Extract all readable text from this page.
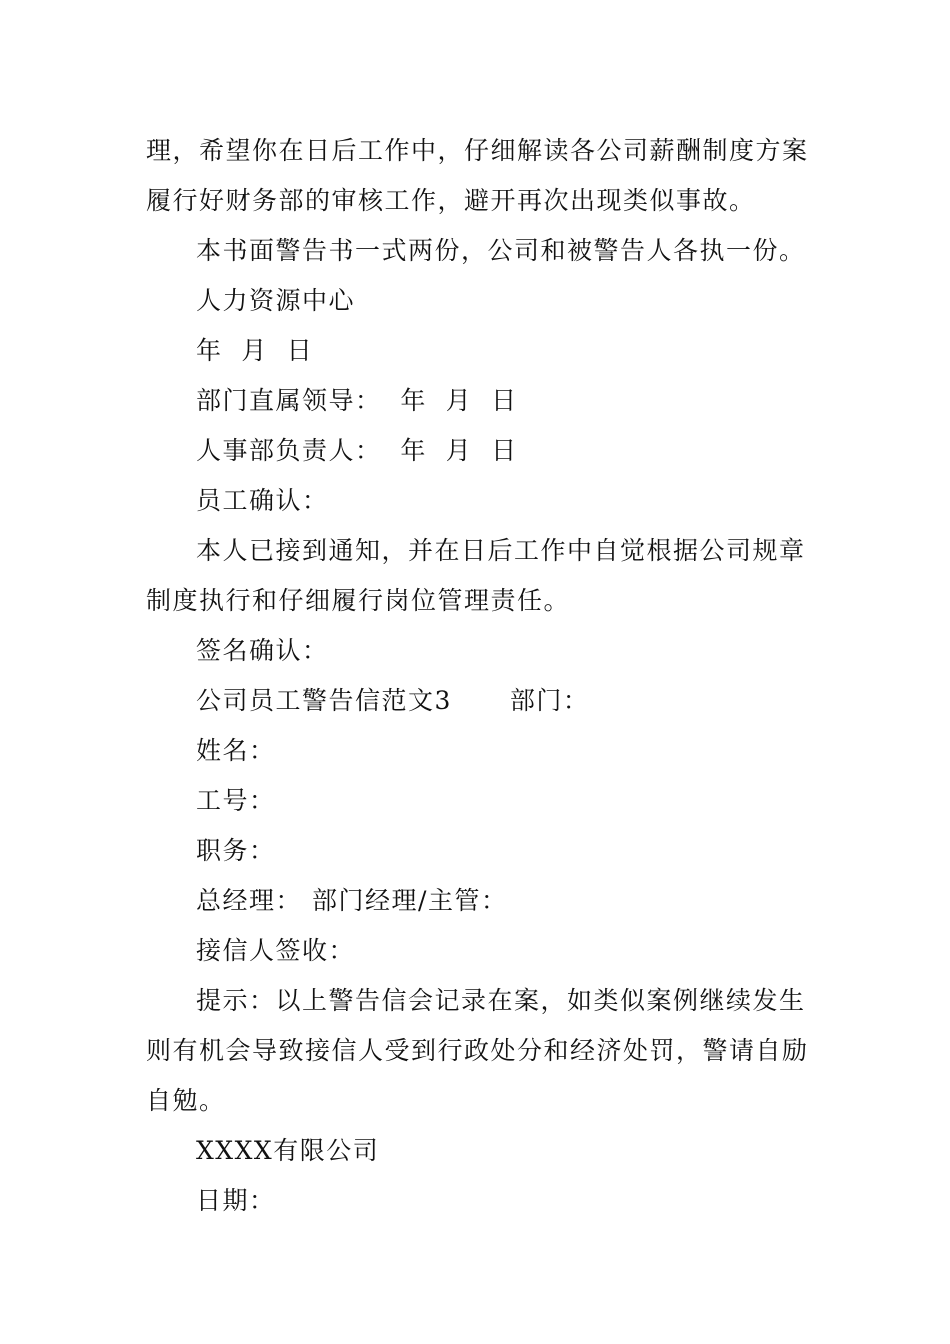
理，希望你在日后工作中，仔细解读各公司薪酬制度方案履行好财务部的审核工作，避开再次出现类似事故。

本书面警告书一式两份，公司和被警告人各执一份。

人力资源中心

年  月  日

部门直属领导：  年  月  日

人事部负责人：  年  月  日

员工确认：

本人已接到通知，并在日后工作中自觉根据公司规章制度执行和仔细履行岗位管理责任。

签名确认：

公司员工警告信范文3 部门：

姓名：

工号：

职务：

总经理： 部门经理/主管：

接信人签收：

提示：以上警告信会记录在案，如类似案例继续发生则有机会导致接信人受到行政处分和经济处罚，警请自励自勉。

XXXX有限公司

日期：
